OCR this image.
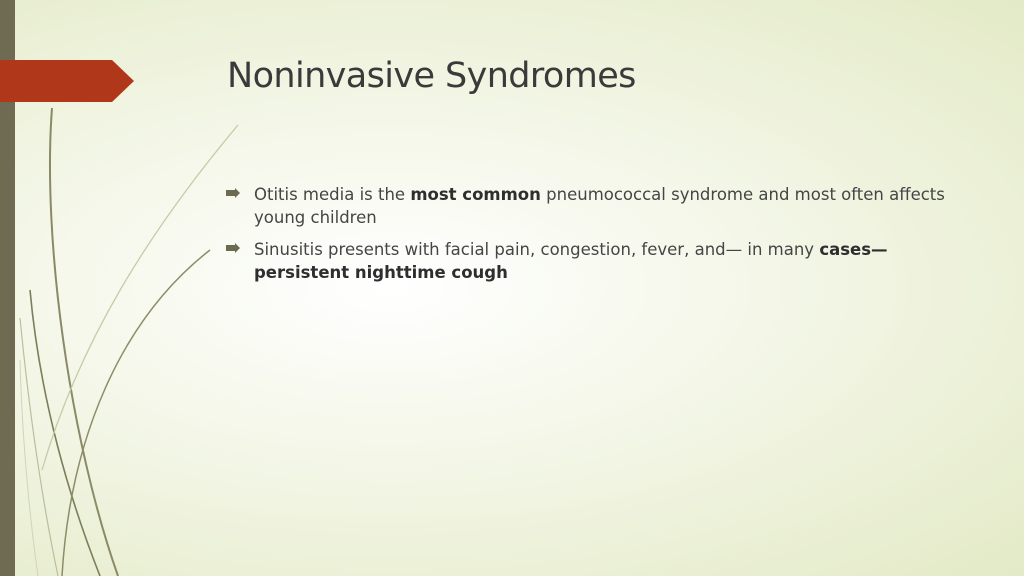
Noninvasive Syndromes
Otitis media is the most common pneumococcal syndrome and most often affects young children
Sinusitis presents with facial pain, congestion, fever, and— in many cases— persistent nighttime cough
